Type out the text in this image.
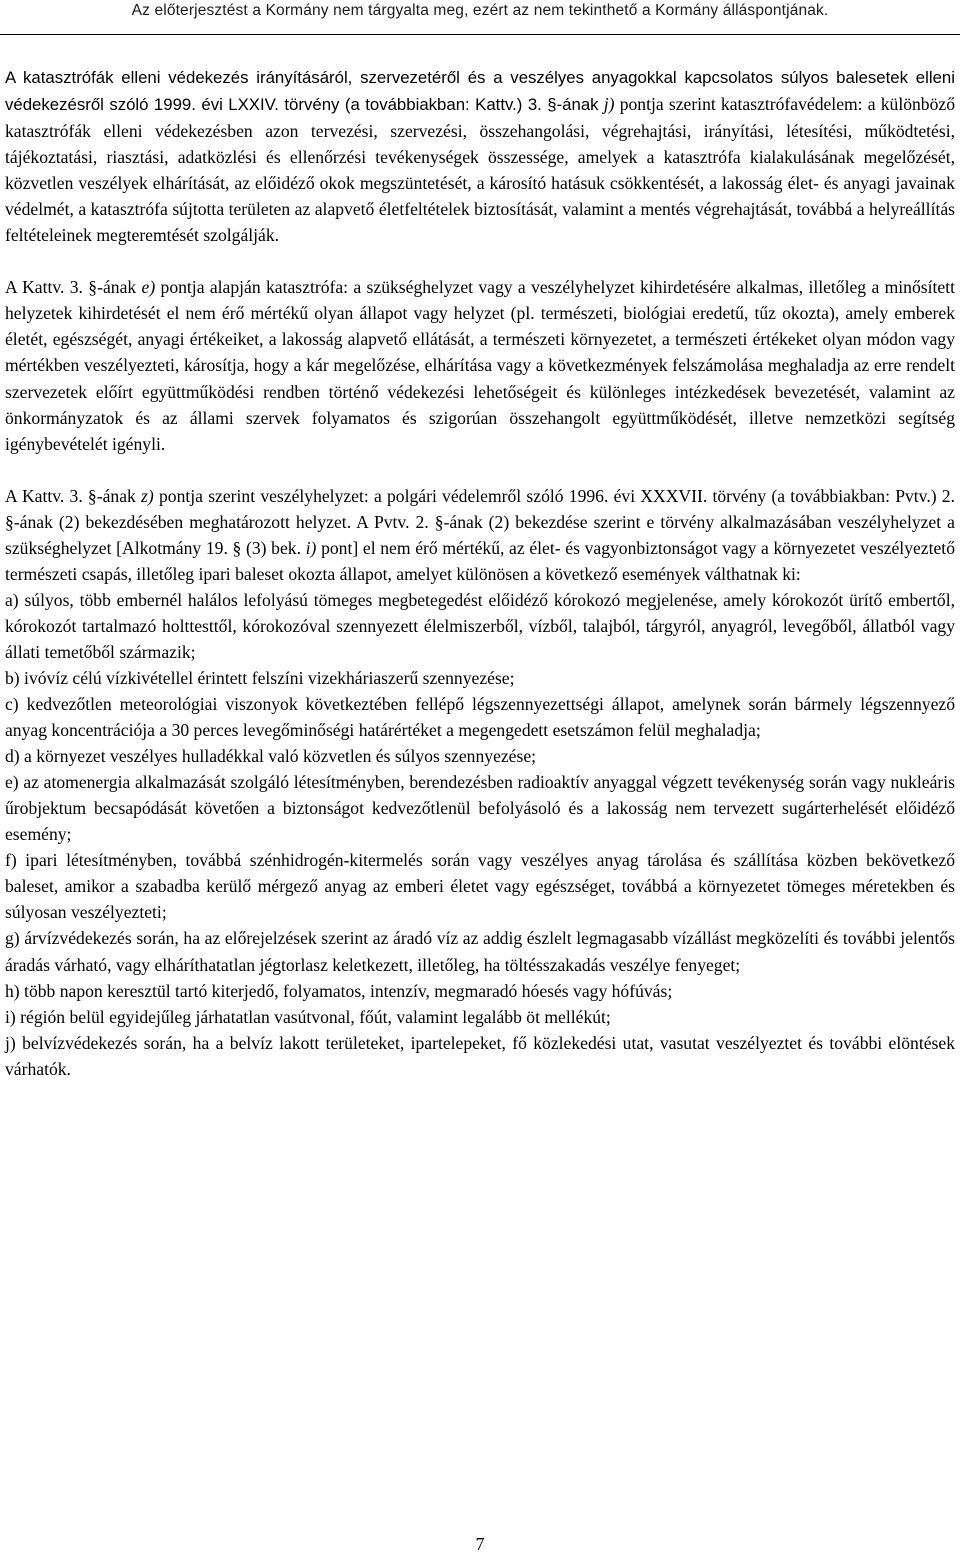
Az előterjesztést a Kormány nem tárgyalta meg, ezért az nem tekinthető a Kormány álláspontjának.

A katasztrófák elleni védekezés irányításáról, szervezetéről és a veszélyes anyagokkal kapcsolatos súlyos balesetek elleni védekezésről szóló 1999. évi LXXIV. törvény (a továbbiakban: Kattv.) 3. §-ának j) pontja szerint katasztrófavédelem: a különböző katasztrófák elleni védekezésben azon tervezési, szervezési, összehangolási, végrehajtási, irányítási, létesítési, működtetési, tájékoztatási, riasztási, adatközlési és ellenőrzési tevékenységek összessége, amelyek a katasztrófa kialakulásának megelőzését, közvetlen veszélyek elhárítását, az előidéző okok megszüntetését, a károsító hatásuk csökkentését, a lakosság élet- és anyagi javainak védelmét, a katasztrófa sújtotta területen az alapvető életfeltételek biztosítását, valamint a mentés végrehajtását, továbbá a helyreállítás feltételeinek megteremtését szolgálják.

A Kattv. 3. §-ának e) pontja alapján katasztrófa: a szükséghelyzet vagy a veszélyhelyzet kihirdetésére alkalmas, illetőleg a minősített helyzetek kihirdetését el nem érő mértékű olyan állapot vagy helyzet (pl. természeti, biológiai eredetű, tűz okozta), amely emberek életét, egészségét, anyagi értékeiket, a lakosság alapvető ellátását, a természeti környezetet, a természeti értékeket olyan módon vagy mértékben veszélyezteti, károsítja, hogy a kár megelőzése, elhárítása vagy a következmények felszámolása meghaladja az erre rendelt szervezetek előírt együttműködési rendben történő védekezési lehetőségeit és különleges intézkedések bevezetését, valamint az önkormányzatok és az állami szervek folyamatos és szigorúan összehangolt együttműködését, illetve nemzetközi segítség igénybevételét igényli.

A Kattv. 3. §-ának z) pontja szerint veszélyhelyzet: a polgári védelemről szóló 1996. évi XXXVII. törvény (a továbbiakban: Pvtv.) 2. §-ának (2) bekezdésében meghatározott helyzet. A Pvtv. 2. §-ának (2) bekezdése szerint e törvény alkalmazásában veszélyhelyzet a szükséghelyzet [Alkotmány 19. § (3) bek. i) pont] el nem érő mértékű, az élet- és vagyonbiztonságot vagy a környezetet veszélyeztető természeti csapás, illetőleg ipari baleset okozta állapot, amelyet különösen a következő események válthatnak ki:

a) súlyos, több embernél halálos lefolyású tömeges megbetegedést előidéző kórokozó megjelenése, amely kórokozót ürítő embertől, kórokozót tartalmazó holttesttől, kórokozóval szennyezett élelmiszerből, vízből, talajból, tárgyról, anyagról, levegőből, állatból vagy állati temetőből származik;

b) ivóvíz célú vízkivétellel érintett felszíni vizekháriaszerű szennyezése;

c) kedvezőtlen meteorológiai viszonyok következtében fellépő légszennyezettségi állapot, amelynek során bármely légszennyező anyag koncentrációja a 30 perces levegőminőségi határértéket a megengedett esetszámon felül meghaladja;

d) a környezet veszélyes hulladékkal való közvetlen és súlyos szennyezése;

e) az atomenergia alkalmazását szolgáló létesítményben, berendezésben radioaktív anyaggal végzett tevékenység során vagy nukleáris űrobjektum becsapódását követően a biztonságot kedvezőtlenül befolyásoló és a lakosság nem tervezett sugárterhelését előidéző esemény;

f) ipari létesítményben, továbbá szénhidrogén-kitermelés során vagy veszélyes anyag tárolása és szállítása közben bekövetkező baleset, amikor a szabadba kerülő mérgező anyag az emberi életet vagy egészséget, továbbá a környezetet tömeges méretekben és súlyosan veszélyezteti;

g) árvízvédekezés során, ha az előrejelzések szerint az áradó víz az addig észlelt legmagasabb vízállást megközelíti és további jelentős áradás várható, vagy elháríthatatlan jégtorlasz keletkezett, illetőleg, ha töltésszakadás veszélye fenyeget;

h) több napon keresztül tartó kiterjedő, folyamatos, intenzív, megmaradó hóesés vagy hófúvás;

i) régión belül egyidejűleg járhatatlan vasútvonal, főút, valamint legalább öt mellékút;

j) belvízvédekezés során, ha a belvíz lakott területeket, ipartelepeket, fő közlekedési utat, vasutat veszélyeztet és további elöntések várhatók.

7
